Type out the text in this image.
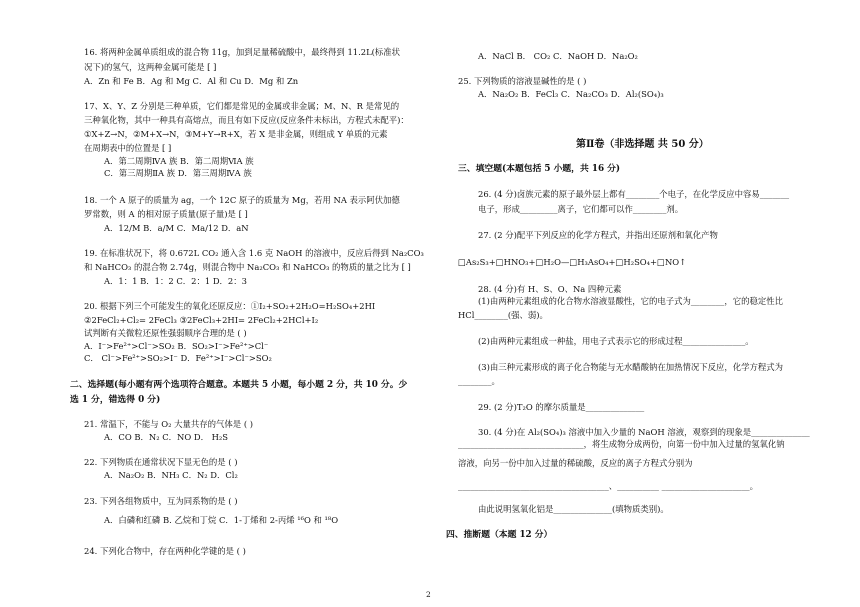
16. 将两种金属单质组成的混合物 11g，加到足量稀硫酸中，最终得到 11.2L(标准状
况下)的氢气，这两种金属可能是 [ ]
A．Zn 和 Fe B．Ag 和 Mg C．Al 和 Cu D．Mg 和 Zn
17、X、Y、Z 分别是三种单质，它们都是常见的金属或非金属；M、N、R 是常见的
三种氧化物，其中一种具有高熔点，而且有如下反应(反应条件未标出，方程式未配平)：
①X+Z→N，②M+X→N，③M+Y→R+X，若 X 是非金属，则组成 Y 单质的元素
在周期表中的位置是 [ ]
A．第二周期ⅣA 族 B．第二周期ⅥA 族
C．第三周期ⅡA 族 D．第三周期ⅣA 族
18. 一个 A 原子的质量为 ag，一个 12C 原子的质量为 Mg，若用 NA 表示阿伏加德
罗常数，则 A 的相对原子质量(原子量)是 [ ]
A．12/M B．a/M C．Ma/12 D．aN
19. 在标准状况下，将 0.672L CO₂ 通入含 1.6 克 NaOH 的溶液中，反应后得到 Na₂CO₃
和 NaHCO₃ 的混合物 2.74g，则混合物中 Na₂CO₃ 和 NaHCO₃ 的物质的量之比为 [ ]
A．1：1 B．1：2 C．2：1 D．2：3
20. 根据下列三个可能发生的氧化还原反应：①I₂+SO₂+2H₂O=H₂SO₄+2HI
②2FeCl₂+Cl₂= 2FeCl₃ ③2FeCl₃+2HI= 2FeCl₂+2HCl+I₂
试判断有关微粒还原性强弱顺序合理的是 ( )
A．I⁻>Fe²⁺>Cl⁻>SO₂ B．SO₂>I⁻>Fe²⁺>Cl⁻
C． Cl⁻>Fe²⁺>SO₂>I⁻ D．Fe²⁺>I⁻>Cl⁻>SO₂
二、选择题(每小题有两个选项符合题意。本题共 5 小题，每小题 2 分，共 10 分。少
选 1 分，错选得 0 分)
21. 常温下，不能与 O₂ 大量共存的气体是 ( )
A．CO B．N₂ C．NO D． H₂S
22. 下列物质在通常状况下显无色的是 ( )
A．Na₂O₂ B．NH₃ C．N₂ D．Cl₂
23. 下列各组物质中，互为同系物的是 ( )
A．白磷和红磷 B. 乙烷和丁烷 C．1-丁烯和 2-丙烯 ¹⁶O 和 ¹⁸O
24. 下列化合物中，存在两种化学键的是 ( )
A．NaCl B． CO₂ C．NaOH D．Na₂O₂
25. 下列物质的溶液显碱性的是 ( )
A．Na₂O₂ B．FeCl₃ C．Na₂CO₃ D．Al₂(SO₄)₃
第Ⅱ卷（非选择题 共 50 分）
三、填空题(本题包括 5 小题，共 16 分)
26. (4 分)卤族元素的原子最外层上都有________个电子，在化学反应中容易_______
电子，形成_________离子，它们都可以作________剂。
27. (2 分)配平下列反应的化学方程式，并指出还原剂和氧化产物
□As₂S₃+□HNO₃+□H₂O—□H₃AsO₄+□H₂SO₄+□NO↑
28. (4 分)有 H、S、O、Na 四种元素
(1)由两种元素组成的化合物水溶液显酸性，它的电子式为________，它的稳定性比
HCl________(强、弱)。
(2)由两种元素组成一种盐，用电子式表示它的形成过程_______________。
(3)由三种元素形成的离子化合物能与无水醋酸钠在加热情况下反应，化学方程式为
________。
29. (2 分)T₂O 的摩尔质量是______________
30. (4 分)在 Al₂(SO₄)₃ 溶液中加入少量的 NaOH 溶液，观察到的现象是______________
______________________________，将生成物分成两份，向第一份中加入过量的氢氧化钠
溶液，向另一份中加入过量的稀硫酸，反应的离子方程式分别为
____________________________________、__________ _____________________。
由此说明氢氧化铝是______________(填物质类别)。
四、推断题（本题 12 分）
2
